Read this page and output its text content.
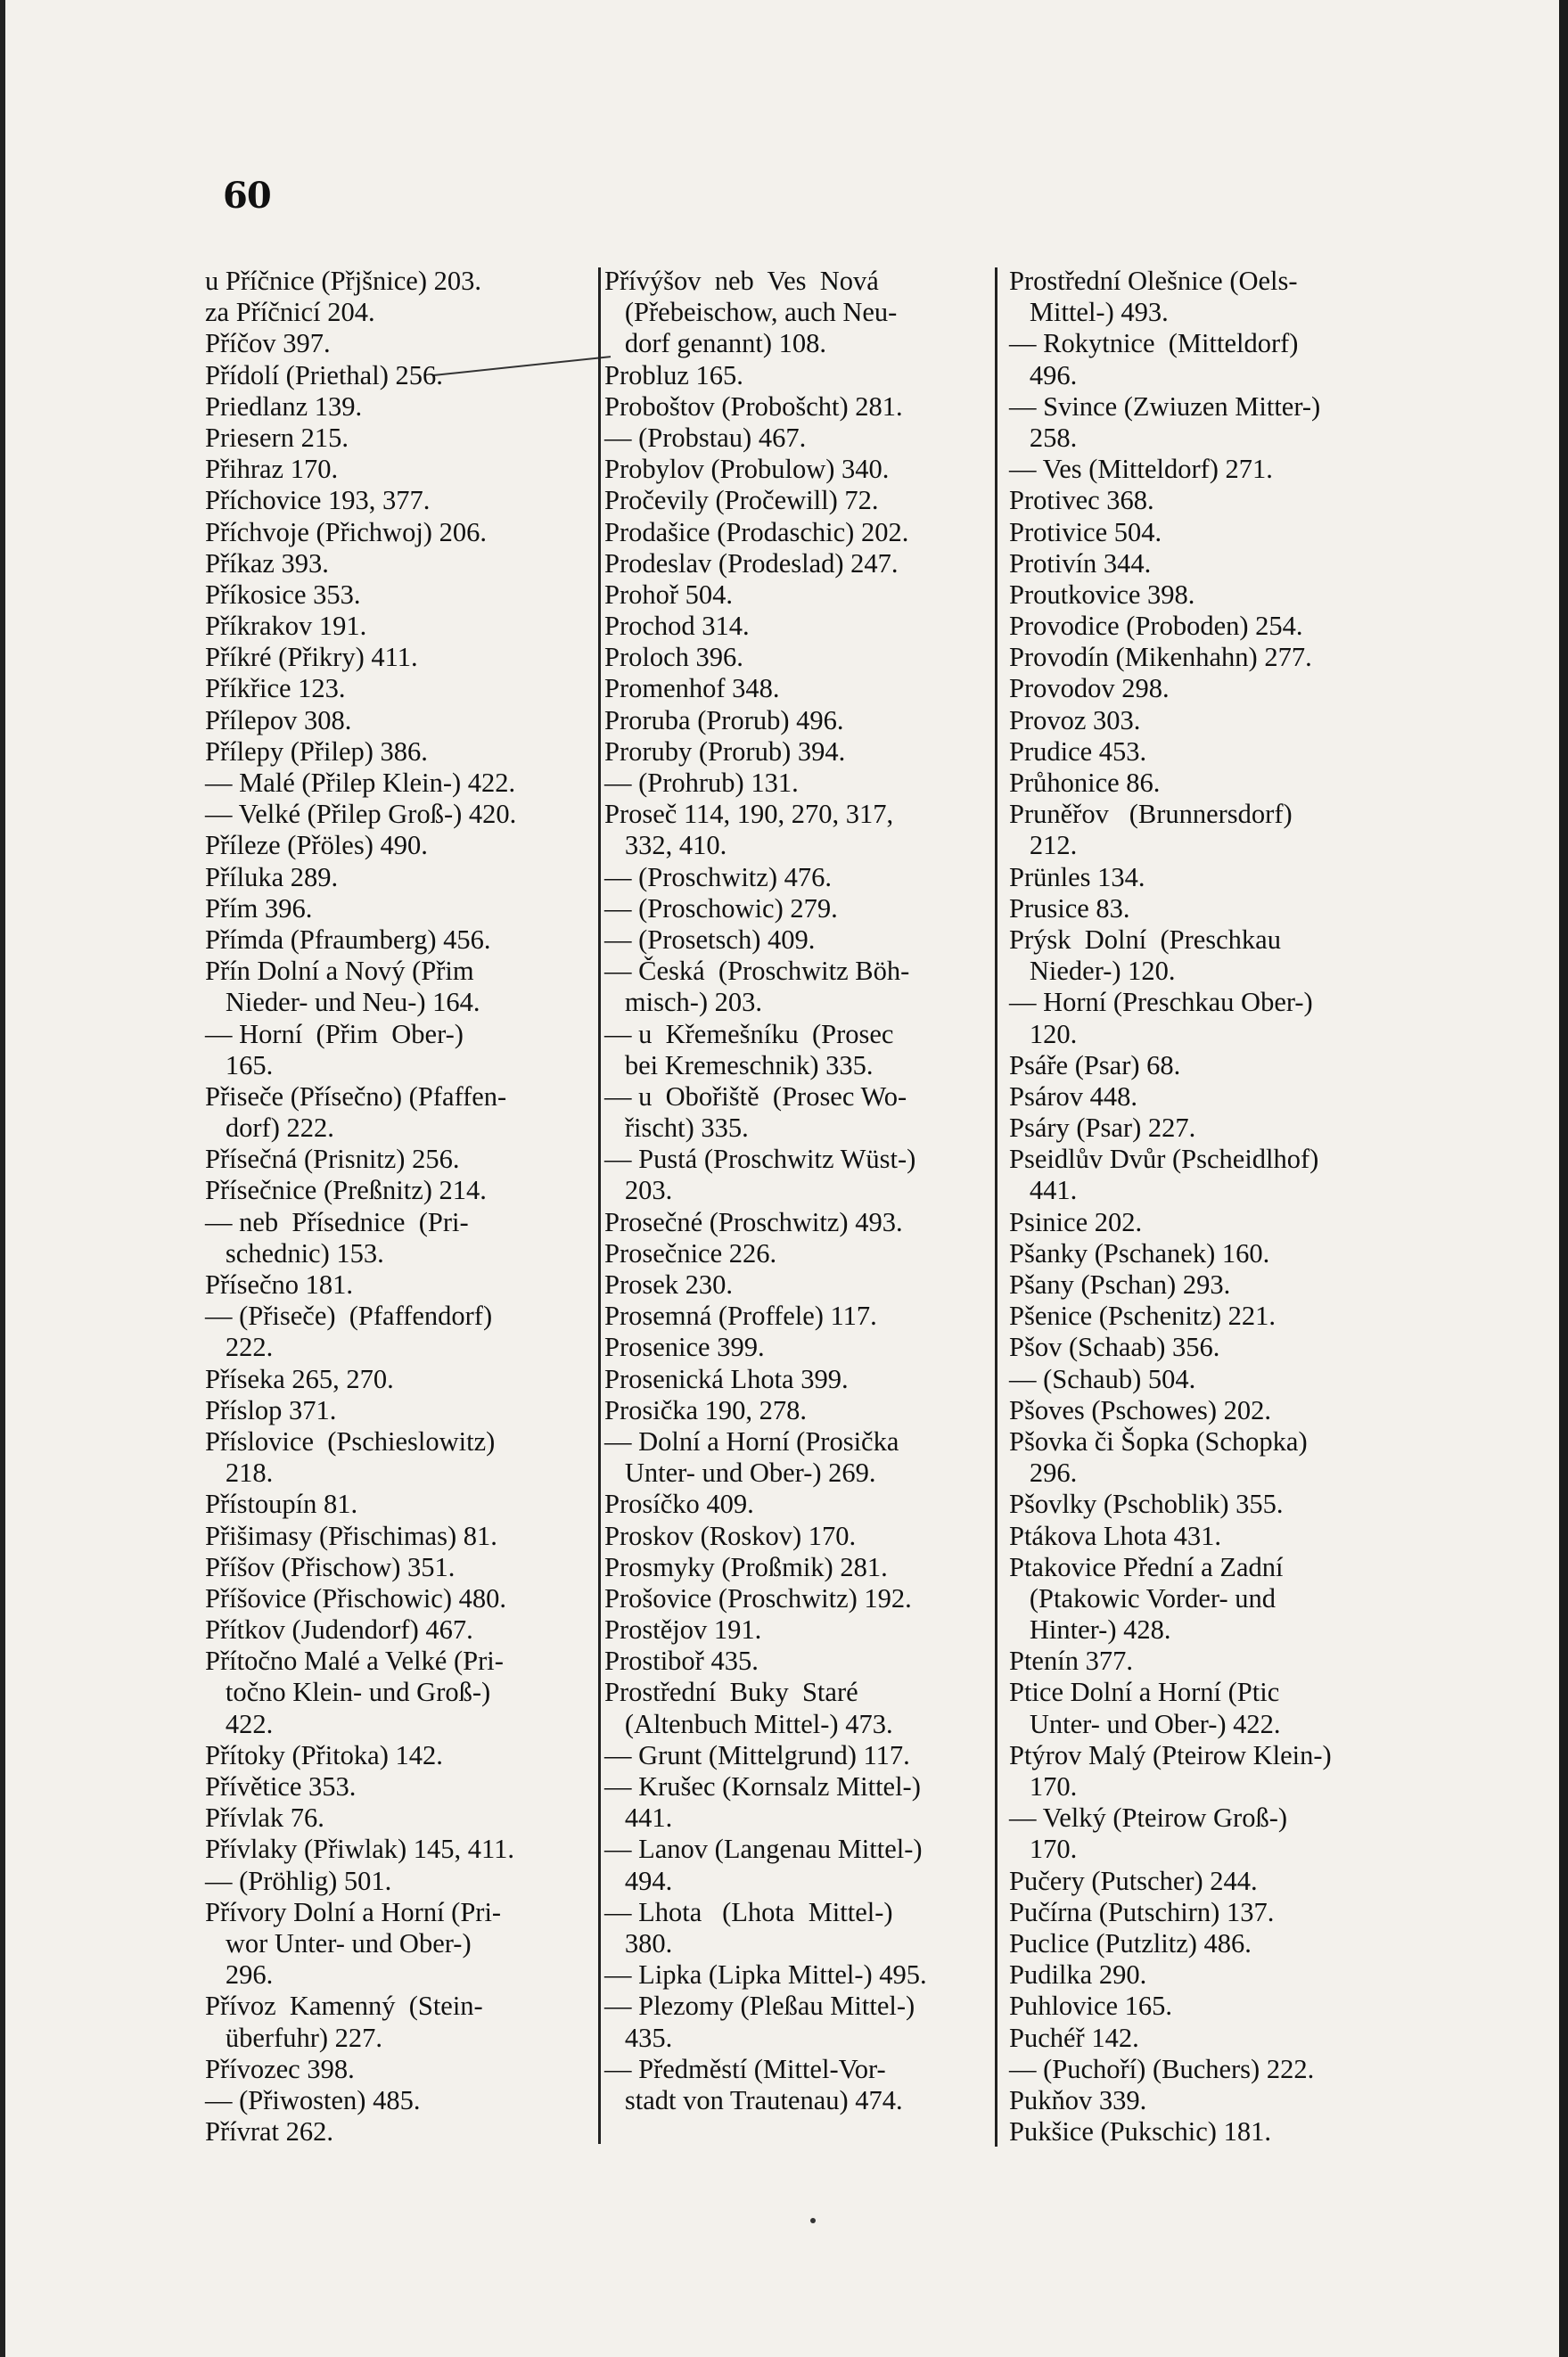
60
u Příčnice (Přjšnice) 203.
za Příčnicí 204.
Příčov 397.
Přídolí (Priethal) 256.
Priedlanz 139.
Priesern 215.
Přihraz 170.
Příchovice 193, 377.
Příchvoje (Přichwoj) 206.
Příkaz 393.
Příkosice 353.
Příkrakov 191.
Příkré (Přikry) 411.
Příkřice 123.
Přílepov 308.
Přílepy (Přilep) 386.
— Malé (Přilep Klein-) 422.
— Velké (Přilep Groß-) 420.
Příleze (Přöles) 490.
Příluka 289.
Přím 396.
Přímda (Pfraumberg) 456.
Přín Dolní a Nový (Přim
Nieder- und Neu-) 164.
— Horní  (Přim  Ober-)
165.
Přiseče (Přísečno) (Pfaffen-
dorf) 222.
Přísečná (Prisnitz) 256.
Přísečnice (Preßnitz) 214.
— neb  Přísednice  (Pri-
schednic) 153.
Přísečno 181.
— (Přiseče)  (Pfaffendorf)
222.
Příseka 265, 270.
Příslop 371.
Příslovice  (Pschieslowitz)
218.
Přístoupín 81.
Přišimasy (Přischimas) 81.
Příšov (Přischow) 351.
Příšovice (Přischowic) 480.
Přítkov (Judendorf) 467.
Přítočno Malé a Velké (Pri-
točno Klein- und Groß-)
422.
Přítoky (Přitoka) 142.
Přívětice 353.
Přívlak 76.
Přívlaky (Přiwlak) 145, 411.
— (Pröhlig) 501.
Přívory Dolní a Horní (Pri-
wor Unter- und Ober-)
296.
Přívoz  Kamenný  (Stein-
überfuhr) 227.
Přívozec 398.
— (Přiwosten) 485.
Přívrat 262.
Přívýšov  neb  Ves  Nová
(Přebeischow, auch Neu-
dorf genannt) 108.
Probluz 165.
Proboštov (Probošcht) 281.
— (Probstau) 467.
Probylov (Probulow) 340.
Pročevily (Pročewill) 72.
Prodašice (Prodaschic) 202.
Prodeslav (Prodeslad) 247.
Prohoř 504.
Prochod 314.
Proloch 396.
Promenhof 348.
Proruba (Prorub) 496.
Proruby (Prorub) 394.
— (Prohrub) 131.
Proseč 114, 190, 270, 317,
332, 410.
— (Proschwitz) 476.
— (Proschowic) 279.
— (Prosetsch) 409.
— Česká  (Proschwitz Böh-
misch-) 203.
— u  Křemešníku  (Prosec
bei Kremeschnik) 335.
— u  Obořiště  (Prosec Wo-
řischt) 335.
— Pustá (Proschwitz Wüst-)
203.
Prosečné (Proschwitz) 493.
Prosečnice 226.
Prosek 230.
Prosemná (Proffele) 117.
Prosenice 399.
Prosenická Lhota 399.
Prosička 190, 278.
— Dolní a Horní (Prosička
Unter- und Ober-) 269.
Prosíčko 409.
Proskov (Roskov) 170.
Prosmyky (Proßmik) 281.
Prošovice (Proschwitz) 192.
Prostějov 191.
Prostiboř 435.
Prostřední  Buky  Staré
(Altenbuch Mittel-) 473.
— Grunt (Mittelgrund) 117.
— Krušec (Kornsalz Mittel-)
441.
— Lanov (Langenau Mittel-)
494.
— Lhota   (Lhota  Mittel-)
380.
— Lipka (Lipka Mittel-) 495.
— Plezomy (Pleßau Mittel-)
435.
— Předměstí (Mittel-Vor-
stadt von Trautenau) 474.
Prostřední Olešnice (Oels-
Mittel-) 493.
— Rokytnice  (Mitteldorf)
496.
— Svince (Zwiuzen Mitter-)
258.
— Ves (Mitteldorf) 271.
Protivec 368.
Protivice 504.
Protivín 344.
Proutkovice 398.
Provodice (Proboden) 254.
Provodín (Mikenhahn) 277.
Provodov 298.
Provoz 303.
Prudice 453.
Průhonice 86.
Pruněřov   (Brunnersdorf)
212.
Prünles 134.
Prusice 83.
Prýsk  Dolní  (Preschkau
Nieder-) 120.
— Horní (Preschkau Ober-)
120.
Psáře (Psar) 68.
Psárov 448.
Psáry (Psar) 227.
Pseidlův Dvůr (Pscheidlhof)
441.
Psinice 202.
Pšanky (Pschanek) 160.
Pšany (Pschan) 293.
Pšenice (Pschenitz) 221.
Pšov (Schaab) 356.
— (Schaub) 504.
Pšoves (Pschowes) 202.
Pšovka či Šopka (Schopka)
296.
Pšovlky (Pschoblik) 355.
Ptákova Lhota 431.
Ptakovice Přední a Zadní
(Ptakowic Vorder- und
Hinter-) 428.
Ptenín 377.
Ptice Dolní a Horní (Ptic
Unter- und Ober-) 422.
Ptýrov Malý (Pteirow Klein-)
170.
— Velký (Pteirow Groß-)
170.
Pučery (Putscher) 244.
Pučírna (Putschirn) 137.
Puclice (Putzlitz) 486.
Pudilka 290.
Puhlovice 165.
Puchéř 142.
— (Puchoří) (Buchers) 222.
Pukňov 339.
Pukšice (Pukschic) 181.
